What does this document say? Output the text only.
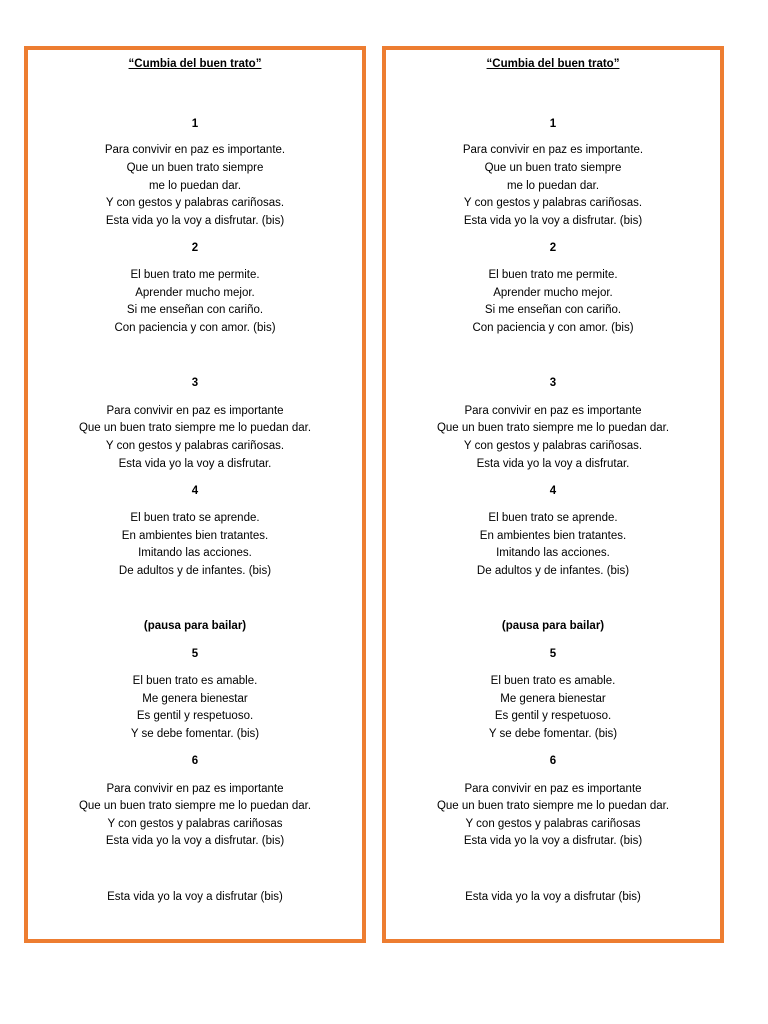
“Cumbia del buen trato”
1
Para convivir en paz es importante.
Que un buen trato siempre
me lo puedan dar.
Y con gestos y palabras cariñosas.
Esta vida yo la voy a disfrutar. (bis)
2
El buen trato me permite.
Aprender mucho mejor.
Si me enseñan con cariño.
Con paciencia y con amor. (bis)
3
Para convivir en paz es importante
Que un buen trato siempre me lo puedan dar.
Y con gestos y palabras cariñosas.
Esta vida yo la voy a disfrutar.
4
El buen trato se aprende.
En ambientes bien tratantes.
Imitando las acciones.
De adultos y de infantes. (bis)
(pausa para bailar)
5
El buen trato es amable.
Me genera bienestar
Es gentil y respetuoso.
Y se debe fomentar. (bis)
6
Para convivir en paz es importante
Que un buen trato siempre me lo puedan dar.
Y con gestos y palabras cariñosas
Esta vida yo la voy a disfrutar. (bis)
Esta vida yo la voy a disfrutar (bis)
“Cumbia del buen trato”
1
Para convivir en paz es importante.
Que un buen trato siempre
me lo puedan dar.
Y con gestos y palabras cariñosas.
Esta vida yo la voy a disfrutar. (bis)
2
El buen trato me permite.
Aprender mucho mejor.
Si me enseñan con cariño.
Con paciencia y con amor. (bis)
3
Para convivir en paz es importante
Que un buen trato siempre me lo puedan dar.
Y con gestos y palabras cariñosas.
Esta vida yo la voy a disfrutar.
4
El buen trato se aprende.
En ambientes bien tratantes.
Imitando las acciones.
De adultos y de infantes. (bis)
(pausa para bailar)
5
El buen trato es amable.
Me genera bienestar
Es gentil y respetuoso.
Y se debe fomentar. (bis)
6
Para convivir en paz es importante
Que un buen trato siempre me lo puedan dar.
Y con gestos y palabras cariñosas
Esta vida yo la voy a disfrutar. (bis)
Esta vida yo la voy a disfrutar (bis)
